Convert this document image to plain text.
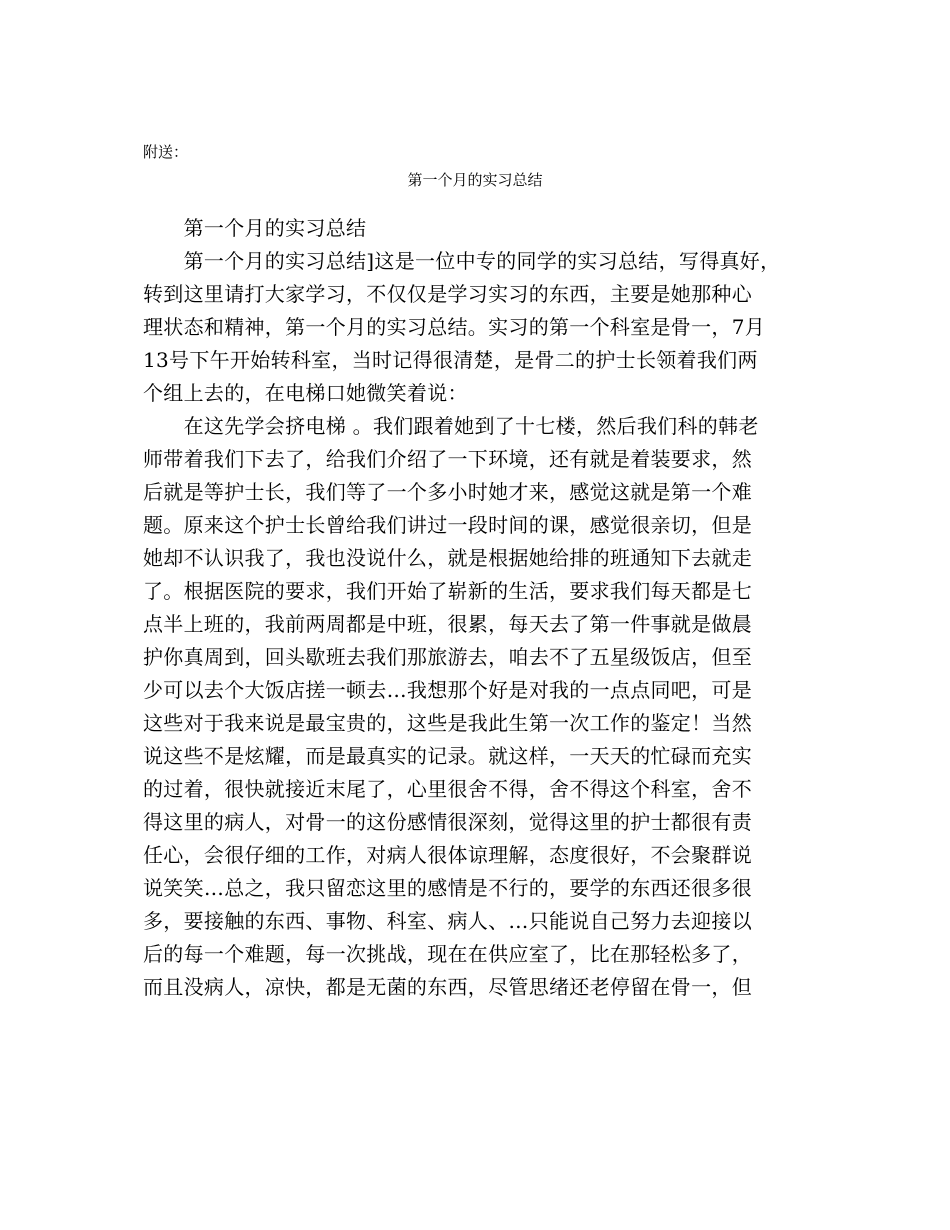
附送：
第一个月的实习总结
　　第一个月的实习总结
　　第一个月的实习总结]这是一位中专的同学的实习总结，写得真好，
转到这里请打大家学习，不仅仅是学习实习的东西，主要是她那种心
理状态和精神，第一个月的实习总结。实习的第一个科室是骨一，7月
13号下午开始转科室，当时记得很清楚，是骨二的护士长领着我们两
个组上去的，在电梯口她微笑着说：
　　在这先学会挤电梯 。我们跟着她到了十七楼，然后我们科的韩老
师带着我们下去了，给我们介绍了一下环境，还有就是着装要求，然
后就是等护士长，我们等了一个多小时她才来，感觉这就是第一个难
题。原来这个护士长曾给我们讲过一段时间的课，感觉很亲切，但是
她却不认识我了，我也没说什么，就是根据她给排的班通知下去就走
了。根据医院的要求，我们开始了崭新的生活，要求我们每天都是七
点半上班的，我前两周都是中班，很累，每天去了第一件事就是做晨
护你真周到，回头歇班去我们那旅游去，咱去不了五星级饭店，但至
少可以去个大饭店搓一顿去…我想那个好是对我的一点点同吧，可是
这些对于我来说是最宝贵的，这些是我此生第一次工作的鉴定！当然
说这些不是炫耀，而是最真实的记录。就这样，一天天的忙碌而充实
的过着，很快就接近末尾了，心里很舍不得，舍不得这个科室，舍不
得这里的病人，对骨一的这份感情很深刻，觉得这里的护士都很有责
任心，会很仔细的工作，对病人很体谅理解，态度很好，不会聚群说
说笑笑…总之，我只留恋这里的感情是不行的，要学的东西还很多很
多，要接触的东西、事物、科室、病人、…只能说自己努力去迎接以
后的每一个难题，每一次挑战，现在在供应室了，比在那轻松多了，
而且没病人，凉快，都是无菌的东西，尽管思绪还老停留在骨一，但
